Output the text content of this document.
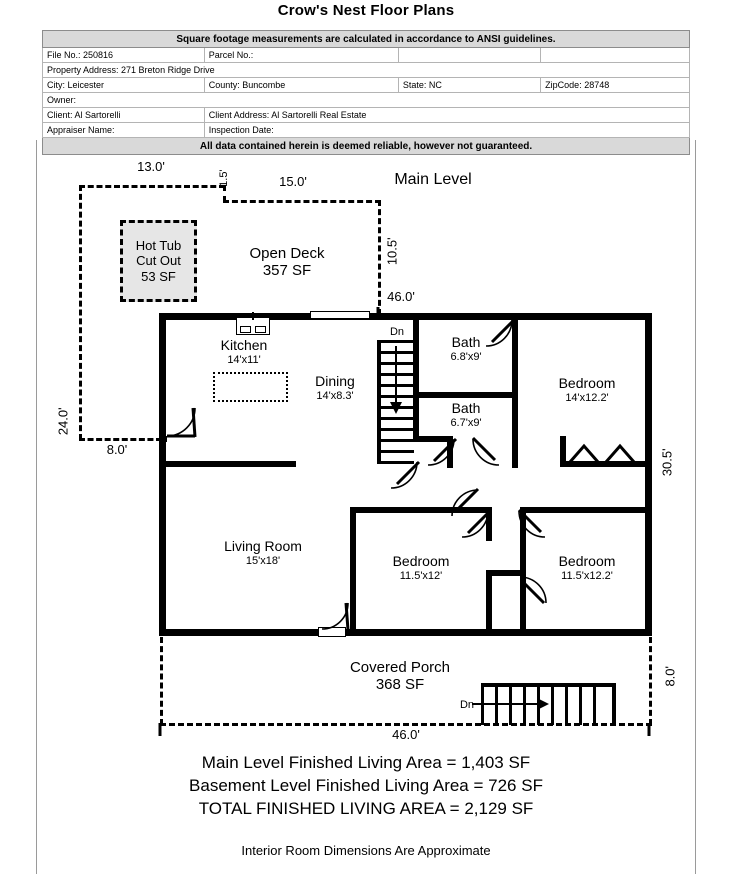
Crow's Nest Floor Plans
Square footage measurements are calculated in accordance to ANSI guidelines.			
File No.: 250816	Parcel No.:		
Property Address: 271 Breton Ridge Drive			
City: Leicester	County: Buncombe	State: NC	ZipCode: 28748
Owner:			
Client: Al Sartorelli	Client Address: Al Sartorelli Real Estate		
Appraiser Name:	Inspection Date:		
All data contained herein is deemed reliable, however not guaranteed.			
13.0'
1.5'	15.0'
24.0'
10.5'
8.0'
Main Level
Open Deck
357 SF
Hot Tub
Cut Out
53 SF
Dn
Covered Porch
368 SF
Dn
46.0'
30.5'
46.0'
8.0'
Kitchen
14'x11'
Dining
14'x8.3'
Bath
6.8'x9'
Bath
6.7'x9'
Bedroom
14'x12.2'
Living Room
15'x18'	Bedroom
11.5'x12'
Bedroom
11.5'x12.2'
Main Level Finished Living Area = 1,403 SF
Basement Level Finished Living Area = 726 SF
TOTAL FINISHED LIVING AREA = 2,129 SF
Interior Room Dimensions Are Approximate
